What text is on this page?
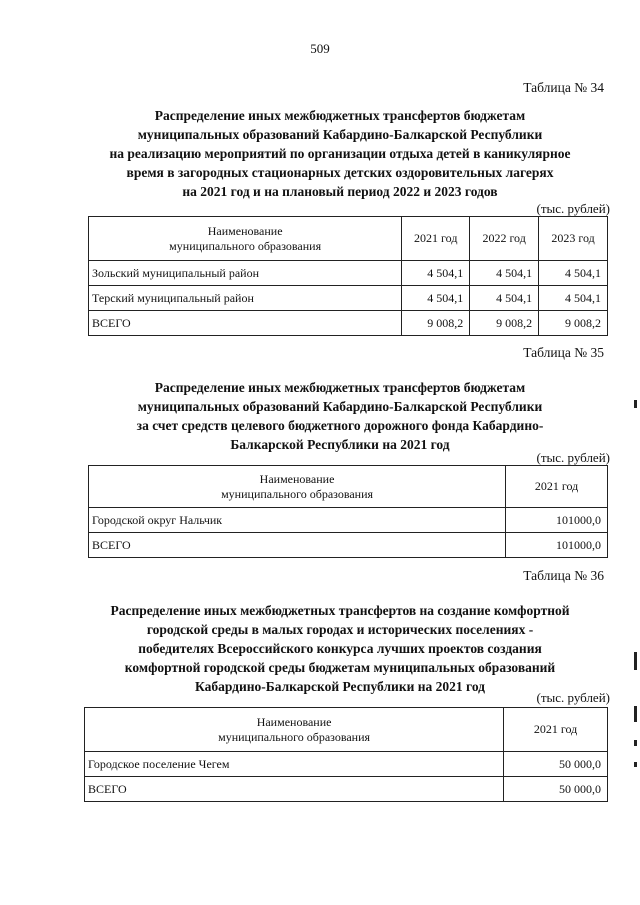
509
Таблица № 34
Распределение иных межбюджетных трансфертов бюджетам
муниципальных образований Кабардино-Балкарской Республики
на реализацию мероприятий по организации отдыха детей в каникулярное
время в загородных стационарных детских оздоровительных лагерях
на 2021 год и на плановый период 2022 и 2023 годов
(тыс. рублей)
Наименование
муниципального образования	2021 год	2022 год	2023 год
Зольский муниципальный район	4 504,1	4 504,1	4 504,1
Терский муниципальный район	4 504,1	4 504,1	4 504,1
ВСЕГО	9 008,2	9 008,2	9 008,2
Таблица № 35
Распределение иных межбюджетных трансфертов бюджетам
муниципальных образований Кабардино-Балкарской Республики
за счет средств целевого бюджетного дорожного фонда Кабардино-
Балкарской Республики на 2021 год
(тыс. рублей)
Наименование
муниципального образования	2021 год
Городской округ Нальчик	101000,0
ВСЕГО	101000,0
Таблица № 36
Распределение иных межбюджетных трансфертов на создание комфортной
городской среды в малых городах и исторических поселениях -
победителях Всероссийского конкурса лучших проектов создания
комфортной городской среды бюджетам муниципальных образований
Кабардино-Балкарской Республики на 2021 год
(тыс. рублей)
Наименование
муниципального образования	2021 год
Городское поселение Чегем	50 000,0
ВСЕГО	50 000,0
